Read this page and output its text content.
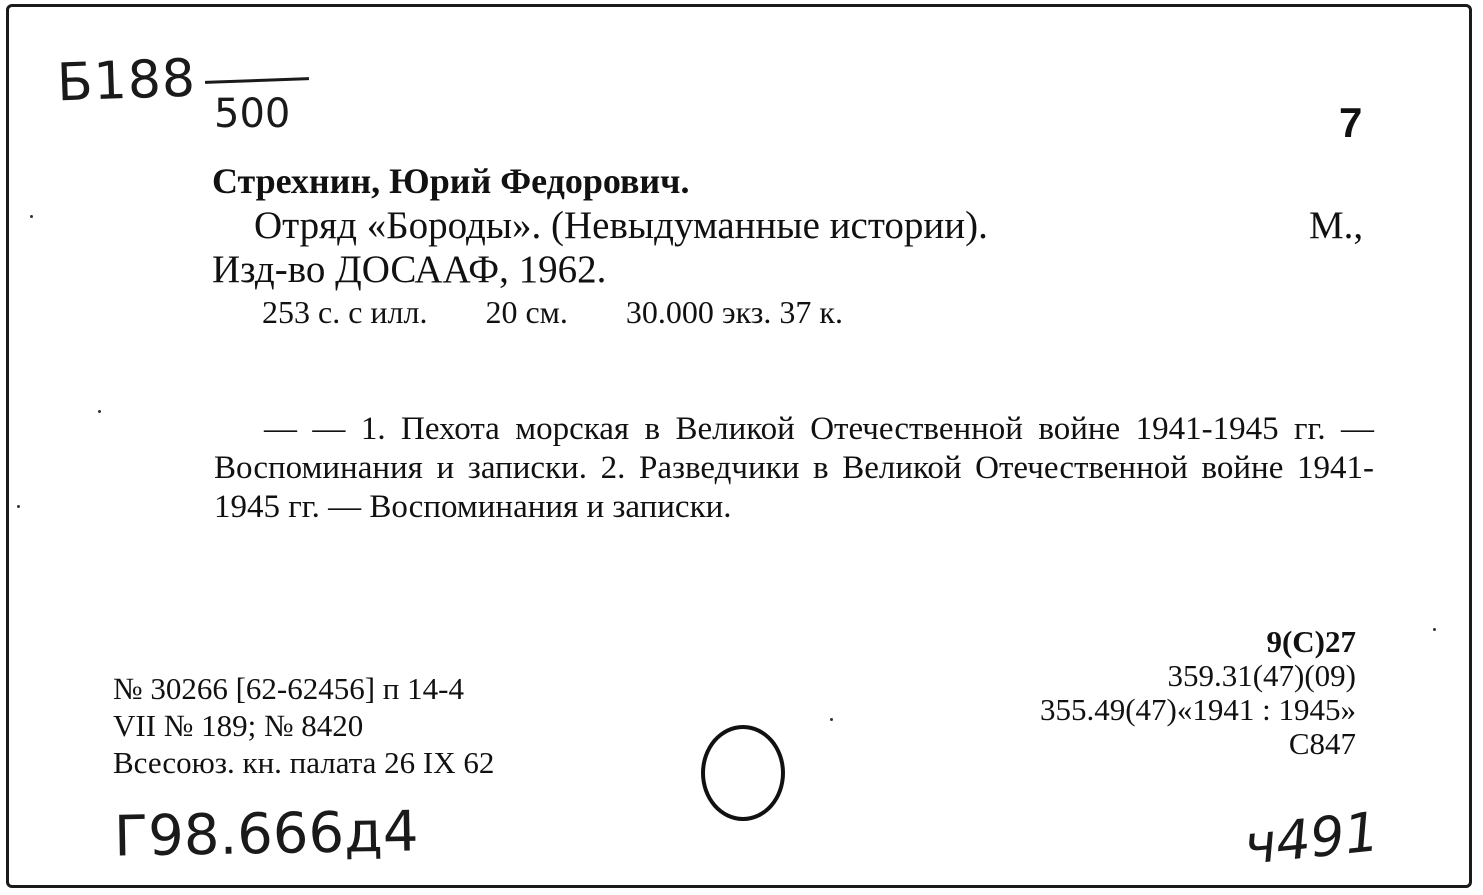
Б188
500	7
Стрехнин, Юрий Федорович.
Отряд «Бороды». (Невыдуманные истории).	М.,
Изд-во ДОСААФ, 1962.
253 с. с илл. 20 см. 30.000 экз. 37 к.
— — 1. Пехота морская в Великой Отечественной войне 1941-1945 гг. — Воспоминания и записки. 2. Разведчики в Великой Отечественной войне 1941-1945 гг. — Воспоминания и записки.
№ 30266 [62-62456] п 14-4
VII № 189; № 8420
Всесоюз. кн. палата 26 IX 62
9(С)27
359.31(47)(09)
355.49(47)«1941 : 1945»
С847
Г98.666д4	ч491
